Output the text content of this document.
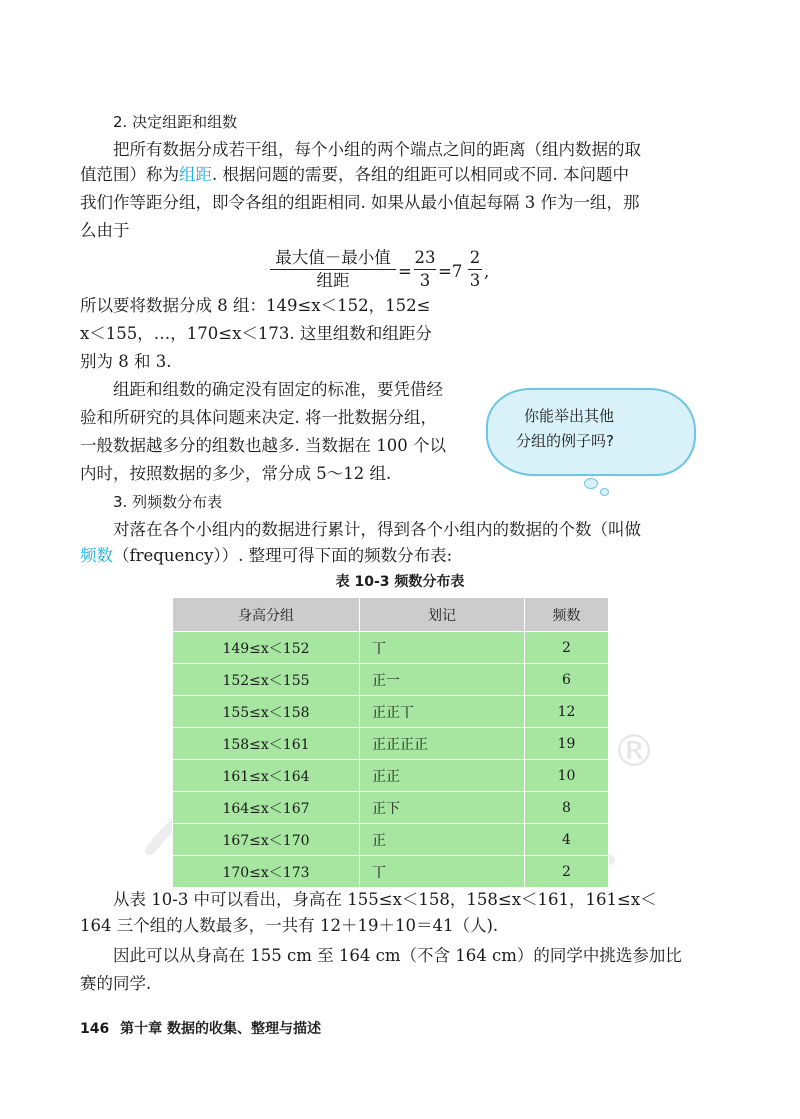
2. 决定组距和组数
把所有数据分成若干组，每个小组的两个端点之间的距离（组内数据的取
值范围）称为组距. 根据问题的需要，各组的组距可以相同或不同. 本问题中
我们作等距分组，即令各组的组距相同. 如果从最小值起每隔 3 作为一组，那
么由于
最大值－最小值
组距	=
23
3 =7
2
3 ,
所以要将数据分成 8 组：149≤x＜152，152≤
x＜155，…，170≤x＜173. 这里组数和组距分
别为 8 和 3.
组距和组数的确定没有固定的标准，要凭借经
验和所研究的具体问题来决定. 将一批数据分组，
一般数据越多分的组数也越多. 当数据在 100 个以
内时，按照数据的多少，常分成 5～12 组.
你能举出其他
分组的例子吗?
3. 列频数分布表
对落在各个小组内的数据进行累计，得到各个小组内的数据的个数（叫做
频数（frequency））. 整理可得下面的频数分布表:
表 10-3 频数分布表
身高分组	划记	频数
149≤x＜152	丅	2
152≤x＜155	正一	6
155≤x＜158	正正丅	12
158≤x＜161	正正正正	19
161≤x＜164	正正	10
164≤x＜167	正下	8
167≤x＜170	正	4
170≤x＜173	丅	2
®
从表 10-3 中可以看出，身高在 155≤x＜158，158≤x＜161，161≤x＜
164 三个组的人数最多，一共有 12＋19＋10＝41（人).
因此可以从身高在 155 cm 至 164 cm（不含 164 cm）的同学中挑选参加比
赛的同学.
146 第十章 数据的收集、整理与描述
